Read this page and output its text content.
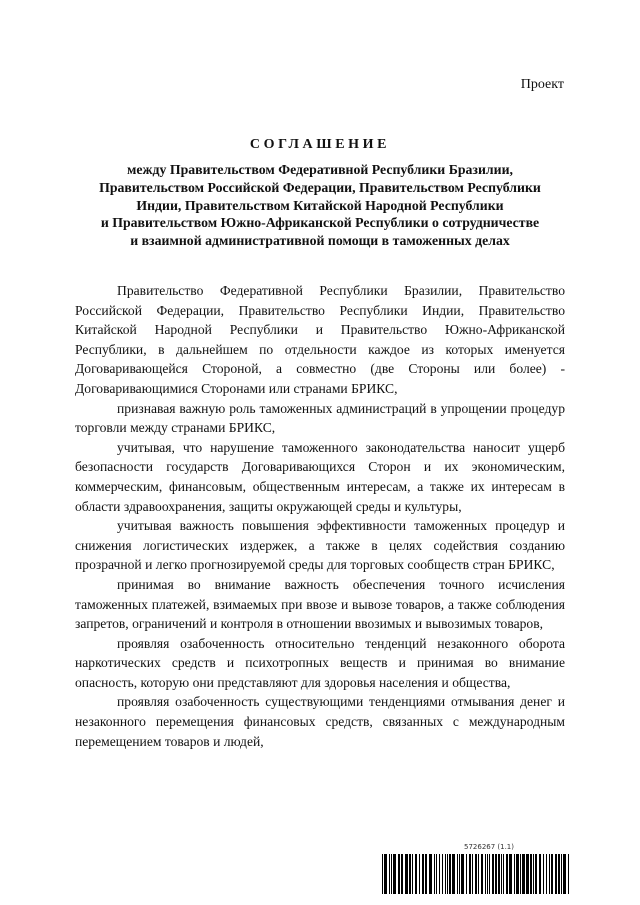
Проект
СОГЛАШЕНИЕ
между Правительством Федеративной Республики Бразилии,
Правительством Российской Федерации, Правительством Республики
Индии, Правительством Китайской Народной Республики
и Правительством Южно-Африканской Республики о сотрудничестве
и взаимной административной помощи в таможенных делах

Правительство Федеративной Республики Бразилии, Правительство Российской Федерации, Правительство Республики Индии, Правительство Китайской Народной Республики и Правительство Южно-Африканской Республики, в дальнейшем по отдельности каждое из которых именуется Договаривающейся Стороной, а совместно (две Стороны или более) - Договаривающимися Сторонами или странами БРИКС,

признавая важную роль таможенных администраций в упрощении процедур торговли между странами БРИКС,

учитывая, что нарушение таможенного законодательства наносит ущерб безопасности государств Договаривающихся Сторон и их экономическим, коммерческим, финансовым, общественным интересам, а также их интересам в области здравоохранения, защиты окружающей среды и культуры,

учитывая важность повышения эффективности таможенных процедур и снижения логистических издержек, а также в целях содействия созданию прозрачной и легко прогнозируемой среды для торговых сообществ стран БРИКС,

принимая во внимание важность обеспечения точного исчисления таможенных платежей, взимаемых при ввозе и вывозе товаров, а также соблюдения запретов, ограничений и контроля в отношении ввозимых и вывозимых товаров,

проявляя озабоченность относительно тенденций незаконного оборота наркотических средств и психотропных веществ и принимая во внимание опасность, которую они представляют для здоровья населения и общества,

проявляя озабоченность существующими тенденциями отмывания денег и незаконного перемещения финансовых средств, связанных с международным перемещением товаров и людей,

5726267 (1.1)
